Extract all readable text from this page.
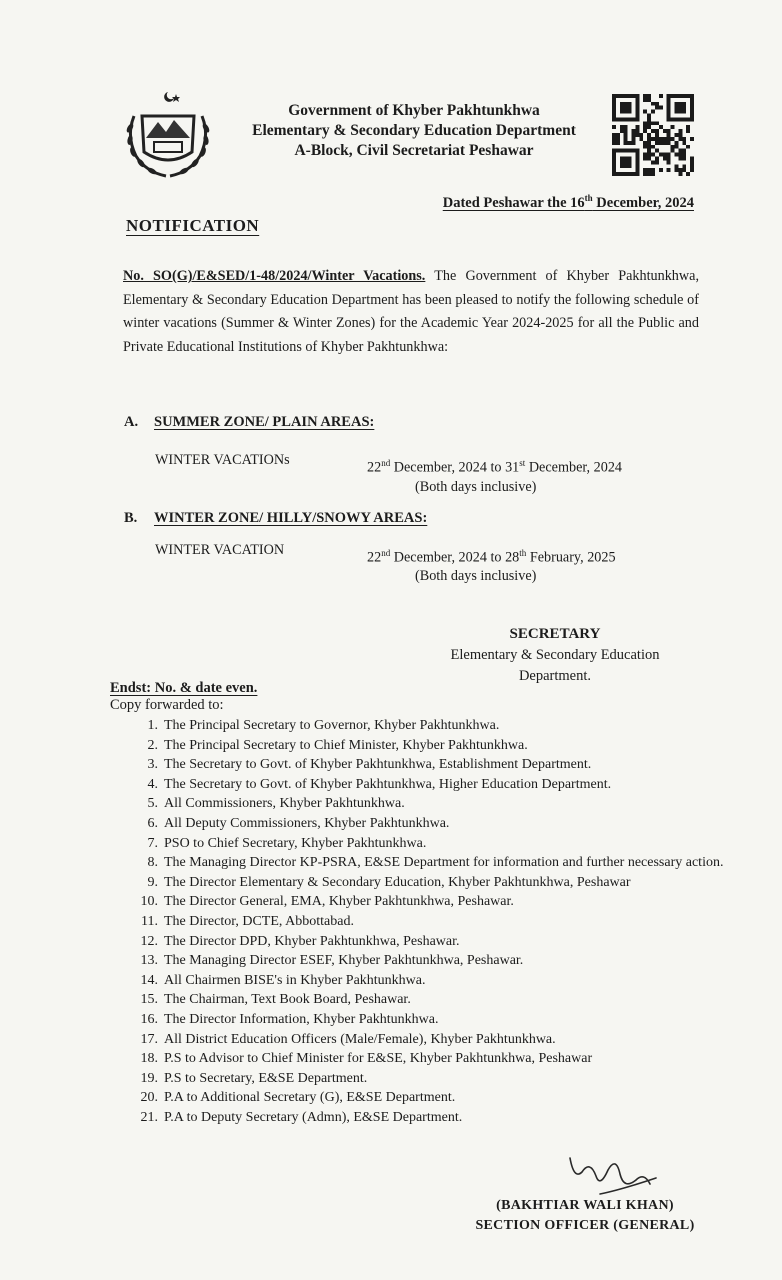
Government of Khyber Pakhtunkhwa
Elementary & Secondary Education Department
A-Block, Civil Secretariat Peshawar
Dated Peshawar the 16th December, 2024
NOTIFICATION
No. SO(G)/E&SED/1-48/2024/Winter Vacations. The Government of Khyber Pakhtunkhwa, Elementary & Secondary Education Department has been pleased to notify the following schedule of winter vacations (Summer & Winter Zones) for the Academic Year 2024-2025 for all the Public and Private Educational Institutions of Khyber Pakhtunkhwa:
A. SUMMER ZONE/ PLAIN AREAS:
WINTER VACATIONs	22nd December, 2024 to 31st December, 2024
(Both days inclusive)
B. WINTER ZONE/ HILLY/SNOWY AREAS:
WINTER VACATION	22nd December, 2024 to 28th February, 2025
(Both days inclusive)
SECRETARY
Elementary & Secondary Education
Department.
Endst: No. & date even.
Copy forwarded to:
1. The Principal Secretary to Governor, Khyber Pakhtunkhwa.
2. The Principal Secretary to Chief Minister, Khyber Pakhtunkhwa.
3. The Secretary to Govt. of Khyber Pakhtunkhwa, Establishment Department.
4. The Secretary to Govt. of Khyber Pakhtunkhwa, Higher Education Department.
5. All Commissioners, Khyber Pakhtunkhwa.
6. All Deputy Commissioners, Khyber Pakhtunkhwa.
7. PSO to Chief Secretary, Khyber Pakhtunkhwa.
8. The Managing Director KP-PSRA, E&SE Department for information and further necessary action.
9. The Director Elementary & Secondary Education, Khyber Pakhtunkhwa, Peshawar
10. The Director General, EMA, Khyber Pakhtunkhwa, Peshawar.
11. The Director, DCTE, Abbottabad.
12. The Director DPD, Khyber Pakhtunkhwa, Peshawar.
13. The Managing Director ESEF, Khyber Pakhtunkhwa, Peshawar.
14. All Chairmen BISE's in Khyber Pakhtunkhwa.
15. The Chairman, Text Book Board, Peshawar.
16. The Director Information, Khyber Pakhtunkhwa.
17. All District Education Officers (Male/Female), Khyber Pakhtunkhwa.
18. P.S to Advisor to Chief Minister for E&SE, Khyber Pakhtunkhwa, Peshawar
19. P.S to Secretary, E&SE Department.
20. P.A to Additional Secretary (G), E&SE Department.
21. P.A to Deputy Secretary (Admn), E&SE Department.
(BAKHTIAR WALI KHAN)
SECTION OFFICER (GENERAL)
